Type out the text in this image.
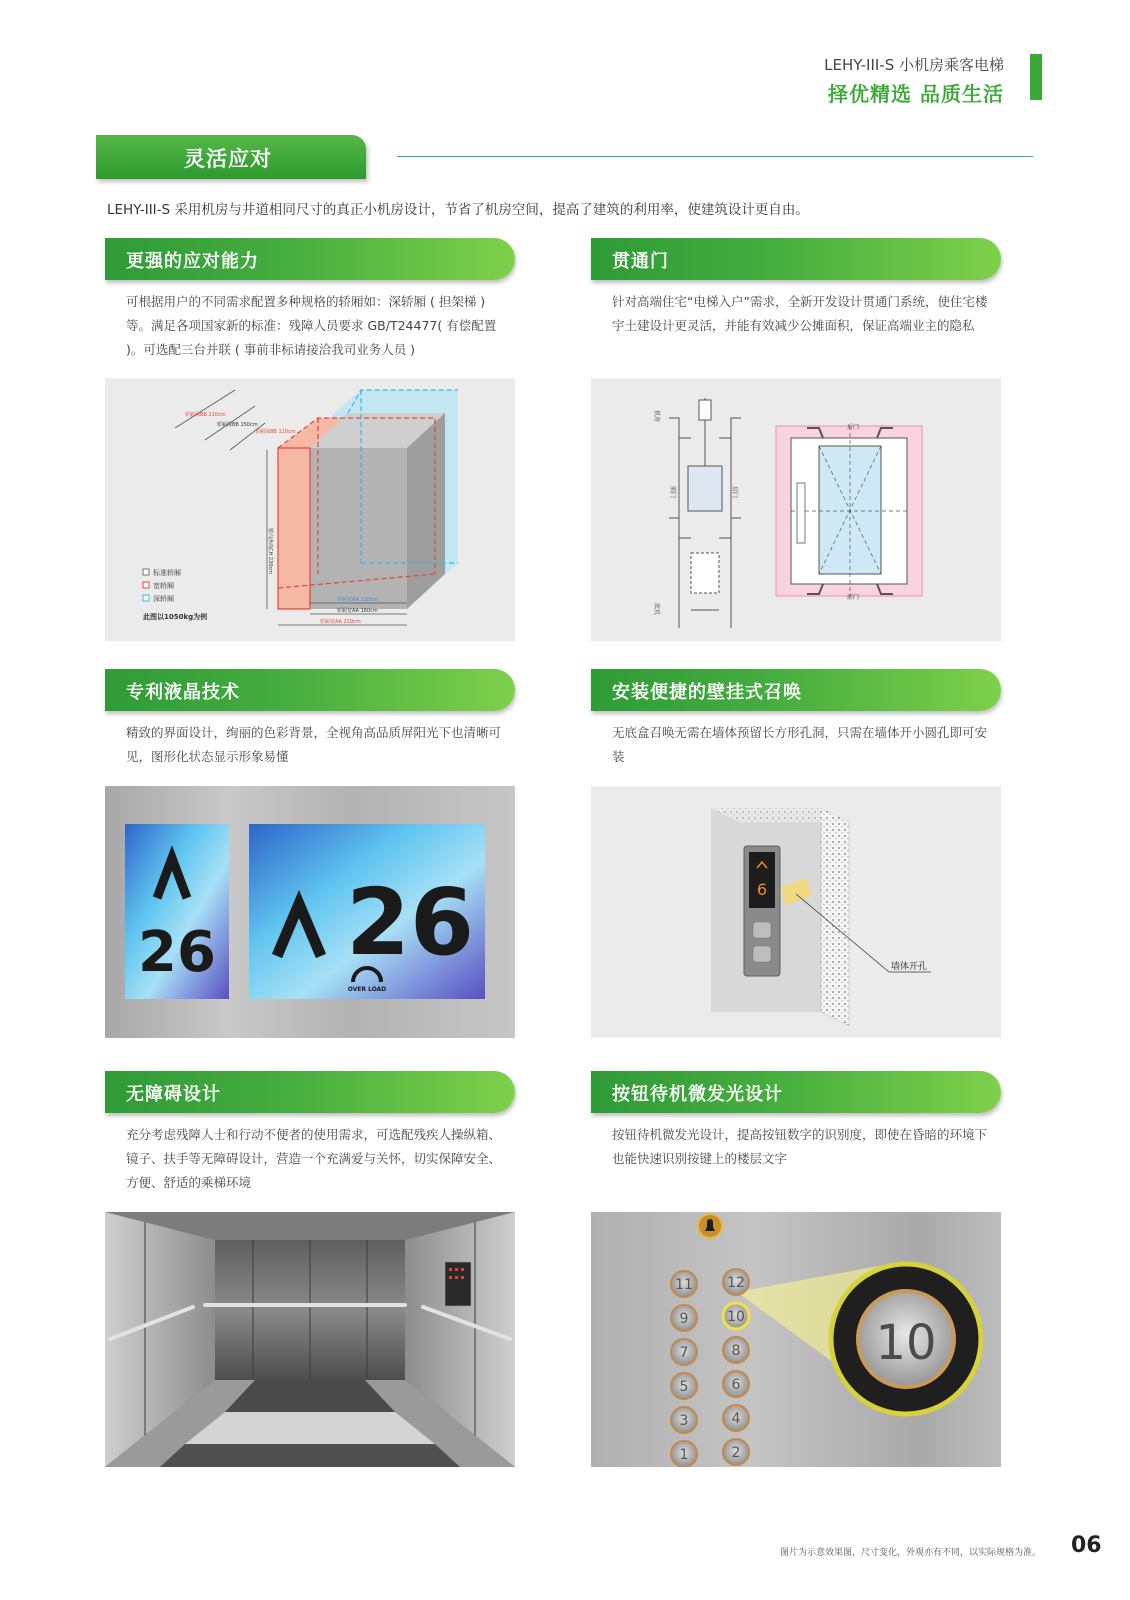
LEHY-III-S 小机房乘客电梯
择优精选 品质生活
灵活应对
LEHY-III-S 采用机房与井道相同尺寸的真正小机房设计，节省了机房空间，提高了建筑的利用率，使建筑设计更自由。
更强的应对能力
可根据用户的不同需求配置多种规格的轿厢如：深轿厢 ( 担架梯 ) 等。满足各项国家新的标准：残障人员要求 GB/T24477( 有偿配置 )。可选配三台并联 ( 事前非标请接洽我司业务人员 )
轿厢深BB 210cm
轿厢深BB 150cm
轿厢深BB 110cm
轿内净高CH 230cm
轿厢宽AA 110cm
轿厢宽AA 160cm
轿厢宽AA 210cm
标准轿厢
宽轿厢
深轿厢
此图以1050kg为例
贯通门
针对高端住宅“电梯入户”需求，全新开发设计贯通门系统，使住宅楼宇土建设计更灵活，并能有效减少公摊面积，保证高端业主的隐私
机房
前门	后门
底坑
后门
前门
专利液晶技术
精致的界面设计，绚丽的色彩背景，全视角高品质屏阳光下也清晰可见，图形化状态显示形象易懂
26 26
OVER LOAD
安装便捷的壁挂式召唤
无底盒召唤无需在墙体预留长方形孔洞，只需在墙体开小圆孔即可安装
6
墙体开孔
无障碍设计
充分考虑残障人士和行动不便者的使用需求，可选配残疾人操纵箱、镜子、扶手等无障碍设计，营造一个充满爱与关怀，切实保障安全、方便、舒适的乘梯环境
按钮待机微发光设计
按钮待机微发光设计，提高按钮数字的识别度，即使在昏暗的环境下也能快速识别按键上的楼层文字
10
11
9
7
5
3
1
12
10
8
6
4
2
图片为示意效果图，尺寸变化，外观亦有不同，以实际规格为准。 06
